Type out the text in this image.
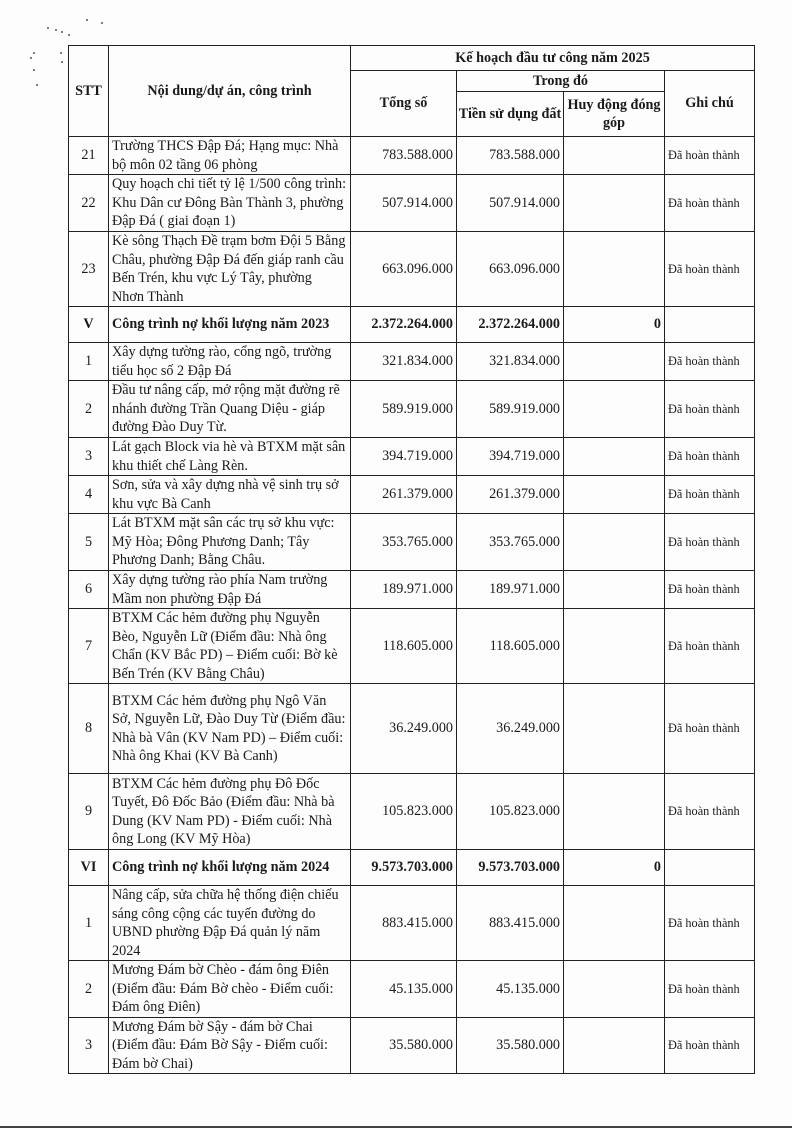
STT	Nội dung/dự án, công trình	Kế hoạch đầu tư công năm 2025			
		Tổng số	Trong đó		Ghi chú
			Tiền sử dụng đất	Huy động đóng góp	
21	Trường THCS Đập Đá; Hạng mục: Nhà bộ môn 02 tầng 06 phòng	783.588.000	783.588.000		Đã hoàn thành
22	Quy hoạch chi tiết tỷ lệ 1/500 công trình: Khu Dân cư Đông Bàn Thành 3, phường Đập Đá ( giai đoạn 1)	507.914.000	507.914.000		Đã hoàn thành
23	Kè sông Thạch Đề trạm bơm Đội 5 Bằng Châu, phường Đập Đá đến giáp ranh cầu Bến Trén, khu vực Lý Tây, phường Nhơn Thành	663.096.000	663.096.000		Đã hoàn thành
V	Công trình nợ khối lượng năm 2023	2.372.264.000	2.372.264.000	0	
1	Xây dựng tường rào, cổng ngõ, trường tiểu học số 2 Đập Đá	321.834.000	321.834.000		Đã hoàn thành
2	Đầu tư nâng cấp, mở rộng mặt đường rẽ nhánh đường Trần Quang Diệu - giáp đường Đào Duy Từ.	589.919.000	589.919.000		Đã hoàn thành
3	Lát gạch Block via hè và BTXM mặt sân khu thiết chế Làng Rèn.	394.719.000	394.719.000		Đã hoàn thành
4	Sơn, sửa và xây dựng nhà vệ sinh trụ sở khu vực Bà Canh	261.379.000	261.379.000		Đã hoàn thành
5	Lát BTXM mặt sân các trụ sở khu vực: Mỹ Hòa; Đông Phương Danh; Tây Phương Danh; Bằng Châu.	353.765.000	353.765.000		Đã hoàn thành
6	Xây dựng tường rào phía Nam trường Mầm non phường Đập Đá	189.971.000	189.971.000		Đã hoàn thành
7	BTXM Các hẻm đường phụ Nguyễn Bèo, Nguyễn Lữ (Điểm đầu: Nhà ông Chẩn (KV Bắc PD) – Điểm cuối: Bờ kè Bến Trén (KV Bằng Châu)	118.605.000	118.605.000		Đã hoàn thành
8	BTXM Các hẻm đường phụ Ngô Văn Sở, Nguyễn Lữ, Đào Duy Từ (Điểm đầu: Nhà bà Vân (KV Nam PD) – Điểm cuối: Nhà ông Khai (KV Bà Canh)	36.249.000	36.249.000		Đã hoàn thành
9	BTXM Các hẻm đường phụ Đô Đốc Tuyết, Đô Đốc Bảo (Điểm đầu: Nhà bà Dung (KV Nam PD) - Điểm cuối: Nhà ông Long (KV Mỹ Hòa)	105.823.000	105.823.000		Đã hoàn thành
VI	Công trình nợ khối lượng năm 2024	9.573.703.000	9.573.703.000	0	
1	Nâng cấp, sửa chữa hệ thống điện chiếu sáng công cộng các tuyến đường do UBND phường Đập Đá quản lý năm 2024	883.415.000	883.415.000		Đã hoàn thành
2	Mương Đám bờ Chèo - đám ông Điên (Điểm đầu: Đám Bờ chèo - Điểm cuối: Đám ông Điên)	45.135.000	45.135.000		Đã hoàn thành
3	Mương Đám bờ Sậy - đám bờ Chai (Điểm đầu: Đám Bờ Sậy - Điểm cuối: Đám bờ Chai)	35.580.000	35.580.000		Đã hoàn thành
